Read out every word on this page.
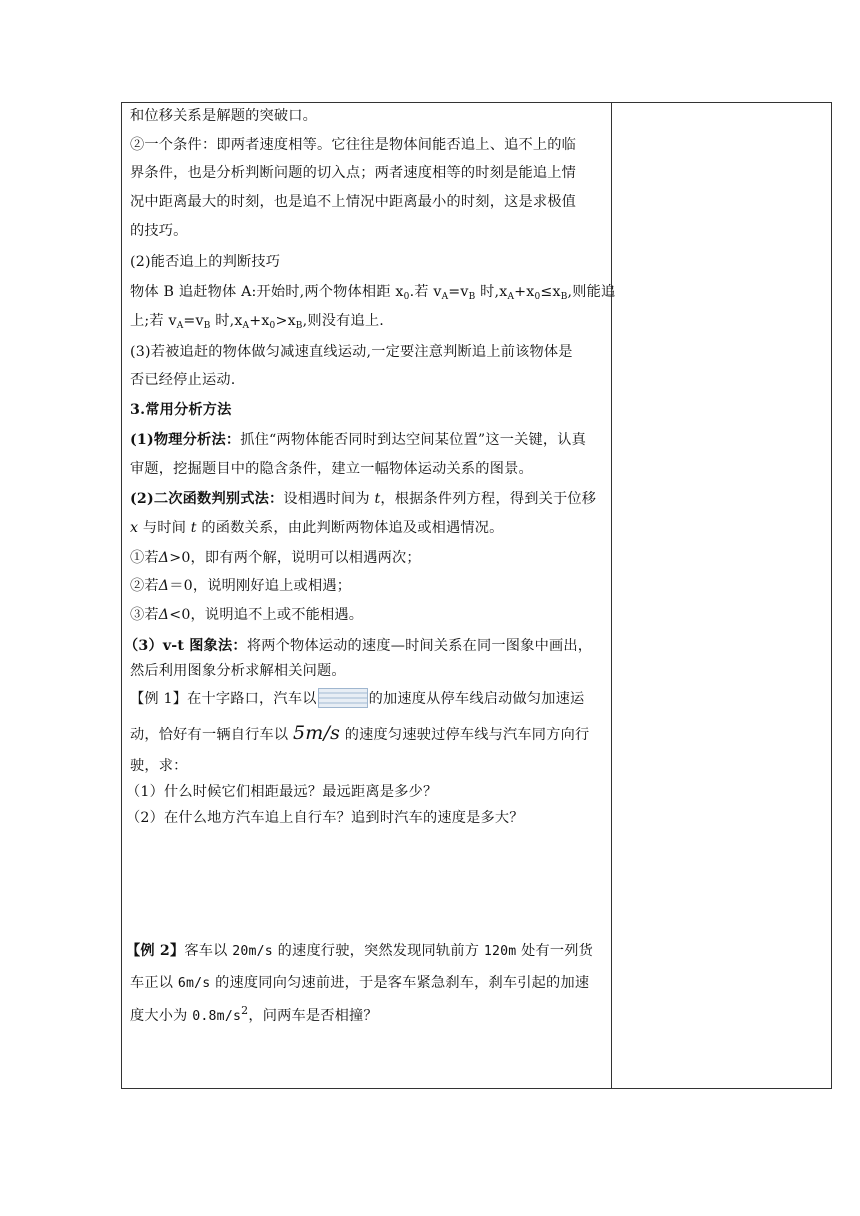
和位移关系是解题的突破口。
②一个条件：即两者速度相等。它往往是物体间能否追上、追不上的临
界条件，也是分析判断问题的切入点；两者速度相等的时刻是能追上情
况中距离最大的时刻，也是追不上情况中距离最小的时刻，这是求极值
的技巧。
(2)能否追上的判断技巧
物体 B 追赶物体 A:开始时,两个物体相距 $x_0$.若 $v_A=v_B$ 时$,x_A+x_0\le x_B$,则能追
上;若 $v_A=v_B$ 时$,x_A+x_0>x_B$,则没有追上.
(3)若被追赶的物体做匀减速直线运动,一定要注意判断追上前该物体是
否已经停止运动.
3.常用分析方法
(1)物理分析法：抓住“两物体能否同时到达空间某位置”这一关键，认真
审题，挖掘题目中的隐含条件，建立一幅物体运动关系的图景。
(2)二次函数判别式法：设相遇时间为 t，根据条件列方程，得到关于位移
x 与时间 t 的函数关系，由此判断两物体追及或相遇情况。
①若Δ>0，即有两个解，说明可以相遇两次；
②若Δ＝0，说明刚好追上或相遇；
③若Δ<0，说明追不上或不能相遇。
（3）v-t 图象法：将两个物体运动的速度—时间关系在同一图象中画出，
然后利用图象分析求解相关问题。
【例 1】在十字路口，汽车以	的加速度从停车线启动做匀加速运
动，恰好有一辆自行车以 5m/s 的速度匀速驶过停车线与汽车同方向行
驶，求：
（1）什么时候它们相距最远？最远距离是多少？
（2）在什么地方汽车追上自行车？追到时汽车的速度是多大？
【例 2】客车以 20m/s 的速度行驶，突然发现同轨前方 120m 处有一列货
车正以 6m/s 的速度同向匀速前进，于是客车紧急刹车，刹车引起的加速
度大小为 $0.8m/s^2$，问两车是否相撞？
